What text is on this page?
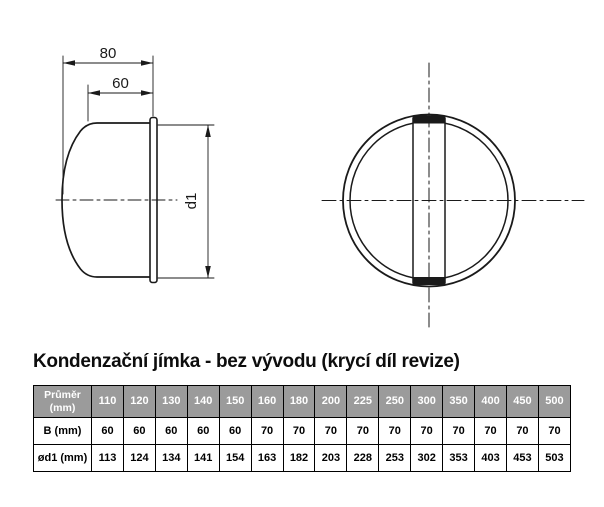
80
60
d1
Kondenzační jímka - bez vývodu (krycí díl revize)
Průměr (mm)	110	120	130	140	150	160	180	200	225	250	300	350	400	450	500
B (mm)	60	60	60	60	60	70	70	70	70	70	70	70	70	70	70
ød1 (mm)	113	124	134	141	154	163	182	203	228	253	302	353	403	453	503
